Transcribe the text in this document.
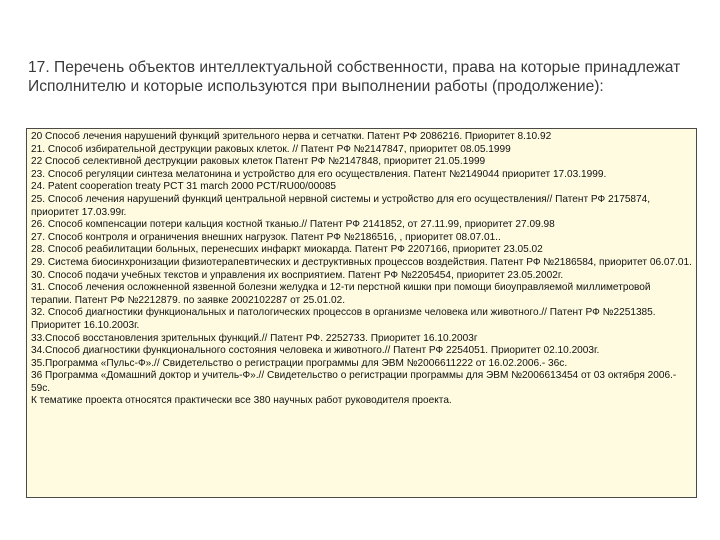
17. Перечень объектов интеллектуальной собственности, права на которые принадлежат Исполнителю и которые используются при выполнении работы (продолжение):

20 Способ лечения нарушений функций зрительного нерва и сетчатки. Патент РФ 2086216. Приоритет 8.10.92

21. Способ избирательной деструкции раковых клеток. // Патент РФ №2147847, приоритет 08.05.1999

22 Способ селективной деструкции раковых клеток Патент РФ №2147848, приоритет 21.05.1999

23. Способ регуляции синтеза мелатонина и устройство для его осуществления. Патент №2149044 приоритет 17.03.1999.

24. Patent cooperation treaty PCT 31 march 2000 PCT/RU00/00085

25. Способ лечения нарушений функций центральной нервной системы и устройство для его осуществления// Патент РФ 2175874, приоритет 17.03.99г.

26. Способ компенсации потери кальция костной тканью.// Патент РФ 2141852, от 27.11.99, приоритет 27.09.98

27. Способ контроля и ограничения внешних нагрузок. Патент РФ №2186516, , приоритет 08.07.01..

28. Способ реабилитации больных, перенесших инфаркт миокарда. Патент РФ 2207166, приоритет 23.05.02

29. Система биосинхронизации физиотерапевтических и деструктивных процессов воздействия. Патент РФ №2186584, приоритет 06.07.01.

30. Способ подачи учебных текстов и управления их восприятием. Патент РФ №2205454, приоритет 23.05.2002г.

31. Способ лечения осложненной язвенной болезни желудка и 12-ти перстной кишки при помощи биоуправляемой миллиметровой терапии. Патент РФ №2212879. по заявке 2002102287 от 25.01.02.

32. Способ диагностики функциональных и патологических процессов в организме человека или животного.// Патент РФ №2251385. Приоритет 16.10.2003г.

33.Способ восстановления зрительных функций.// Патент РФ. 2252733. Приоритет 16.10.2003г

34.Способ диагностики функционального состояния человека и животного.// Патент РФ 2254051. Приоритет 02.10.2003г.

35.Программа «Пульс-Ф».// Свидетельство о регистрации программы для ЭВМ №2006611222 от 16.02.2006.- 36с.

36 Программа «Домашний доктор и учитель-Ф».// Свидетельство о регистрации программы для ЭВМ №2006613454 от 03 октября 2006.- 59с.

К тематике проекта относятся практически все 380 научных работ руководителя проекта.
